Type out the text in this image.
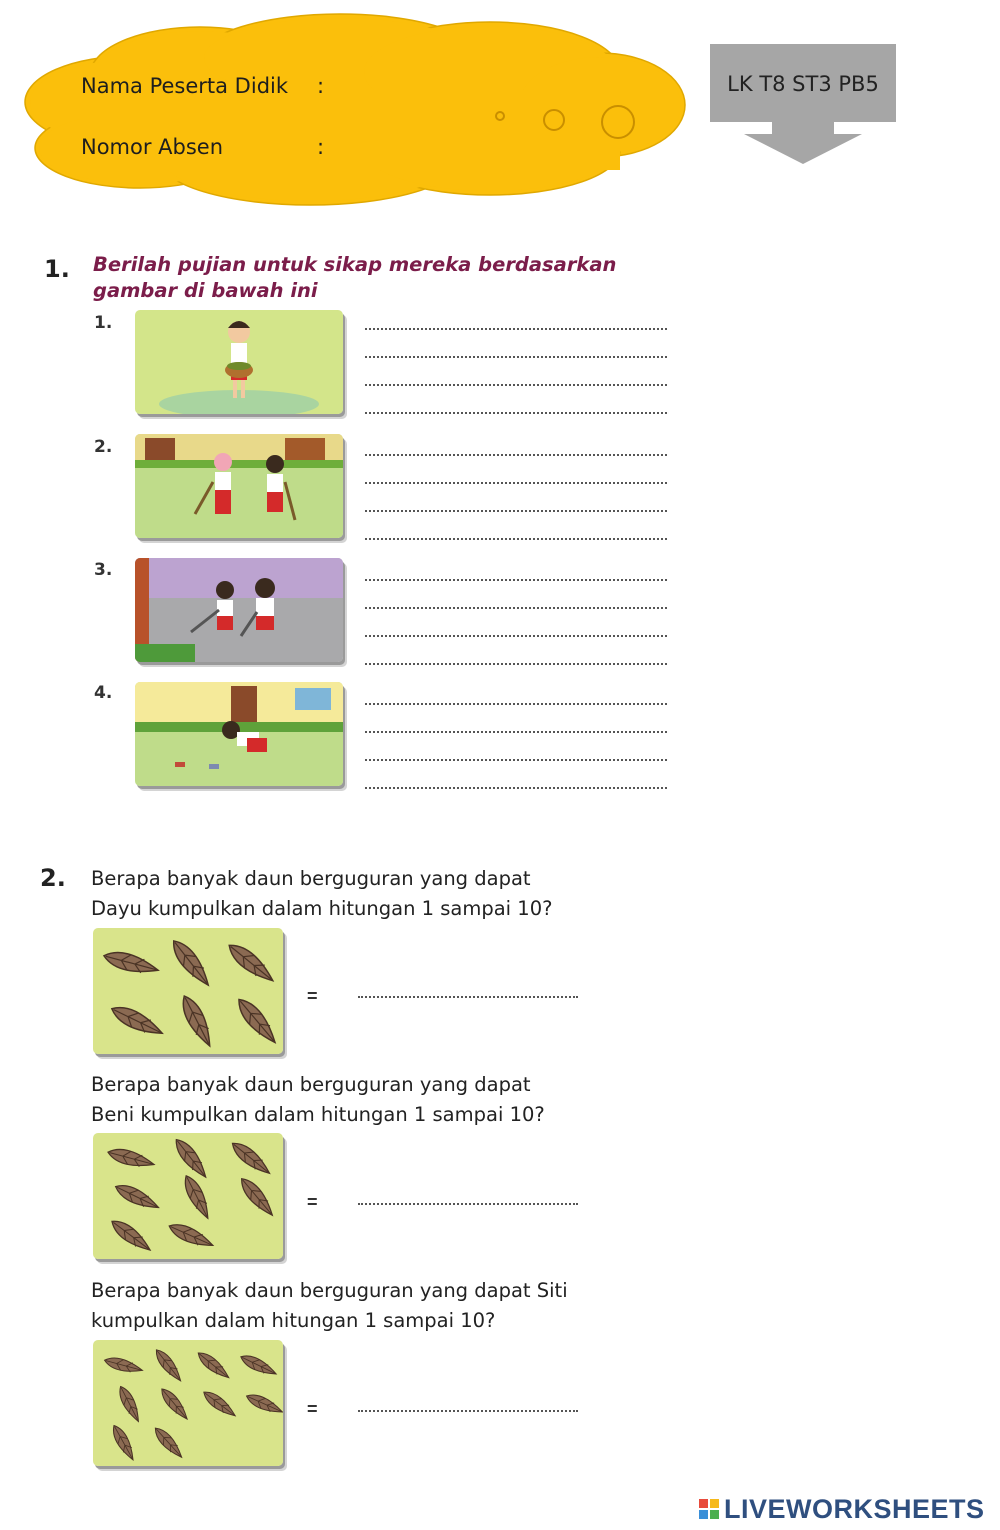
Nama Peserta Didik :
Nomor Absen	:
LK T8 ST3 PB5
1. Berilah pujian untuk sikap mereka berdasarkan gambar di bawah ini
1.
2.
3.
4.
2. Berapa banyak daun berguguran yang dapat
Dayu kumpulkan dalam hitungan 1 sampai 10?
=
Berapa banyak daun berguguran yang dapat
Beni kumpulkan dalam hitungan 1 sampai 10?
=
Berapa banyak daun berguguran yang dapat Siti
kumpulkan dalam hitungan 1 sampai 10?
=
LIVEWORKSHEETS
